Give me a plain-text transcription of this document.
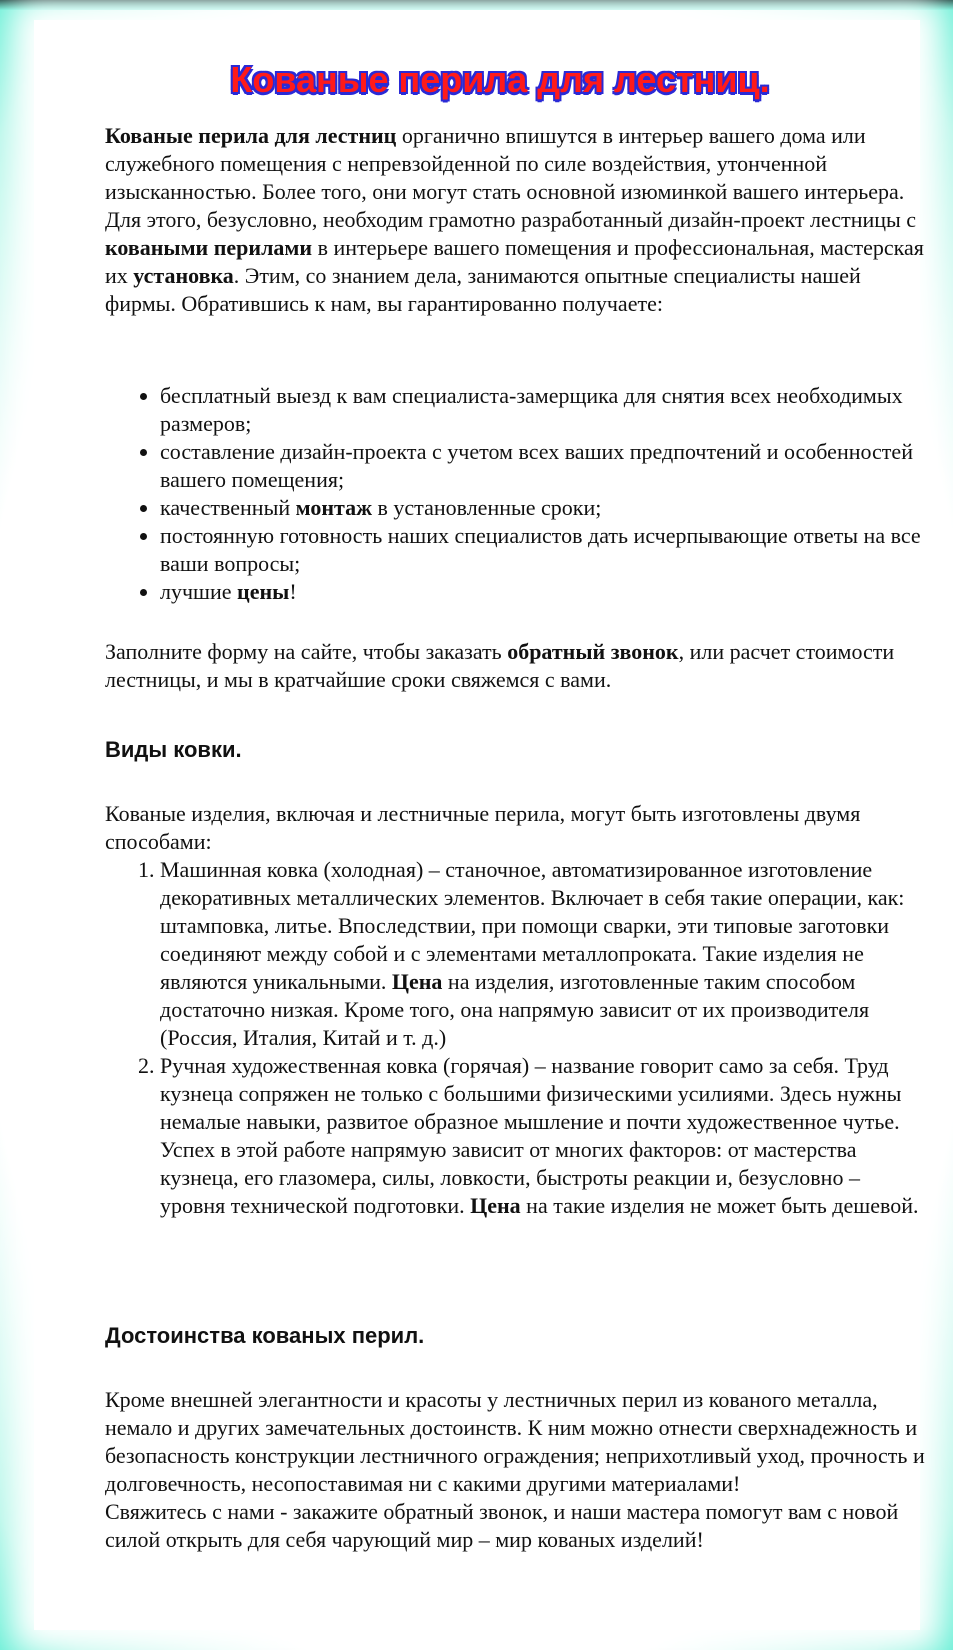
Кованые перила для лестниц.

Кованые перила для лестниц органично впишутся в интерьер вашего дома или служебного помещения с непревзойденной по силе воздействия, утонченной изысканностью. Более того, они могут стать основной изюминкой вашего интерьера. Для этого, безусловно, необходим грамотно разработанный дизайн-проект лестницы с коваными перилами в интерьере вашего помещения и профессиональная, мастерская их установка. Этим, со знанием дела, занимаются опытные специалисты нашей фирмы. Обратившись к нам, вы гарантированно получаете:

• бесплатный выезд к вам специалиста-замерщика для снятия всех необходимых размеров;
• составление дизайн-проекта с учетом всех ваших предпочтений и особенностей вашего помещения;
• качественный монтаж в установленные сроки;
• постоянную готовность наших специалистов дать исчерпывающие ответы на все ваши вопросы;
• лучшие цены!

Заполните форму на сайте, чтобы заказать обратный звонок, или расчет стоимости лестницы, и мы в кратчайшие сроки свяжемся с вами.

Виды ковки.

Кованые изделия, включая и лестничные перила, могут быть изготовлены двумя способами:

1. Машинная ковка (холодная) – станочное, автоматизированное изготовление декоративных металлических элементов. Включает в себя такие операции, как: штамповка, литье. Впоследствии, при помощи сварки, эти типовые заготовки соединяют между собой и с элементами металлопроката. Такие изделия не являются уникальными. Цена на изделия, изготовленные таким способом достаточно низкая. Кроме того, она напрямую зависит от их производителя (Россия, Италия, Китай и т. д.)
2. Ручная художественная ковка (горячая) – название говорит само за себя. Труд кузнеца сопряжен не только с большими физическими усилиями. Здесь нужны немалые навыки, развитое образное мышление и почти художественное чутье. Успех в этой работе напрямую зависит от многих факторов: от мастерства кузнеца, его глазомера, силы, ловкости, быстроты реакции и, безусловно – уровня технической подготовки. Цена на такие изделия не может быть дешевой.
Достоинства кованых перил.

Кроме внешней элегантности и красоты у лестничных перил из кованого металла, немало и других замечательных достоинств. К ним можно отнести сверхнадежность и безопасность конструкции лестничного ограждения; неприхотливый уход, прочность и долговечность, несопоставимая ни с какими другими материалами!

Свяжитесь с нами - закажите обратный звонок, и наши мастера помогут вам с новой силой открыть для себя чарующий мир – мир кованых изделий!
